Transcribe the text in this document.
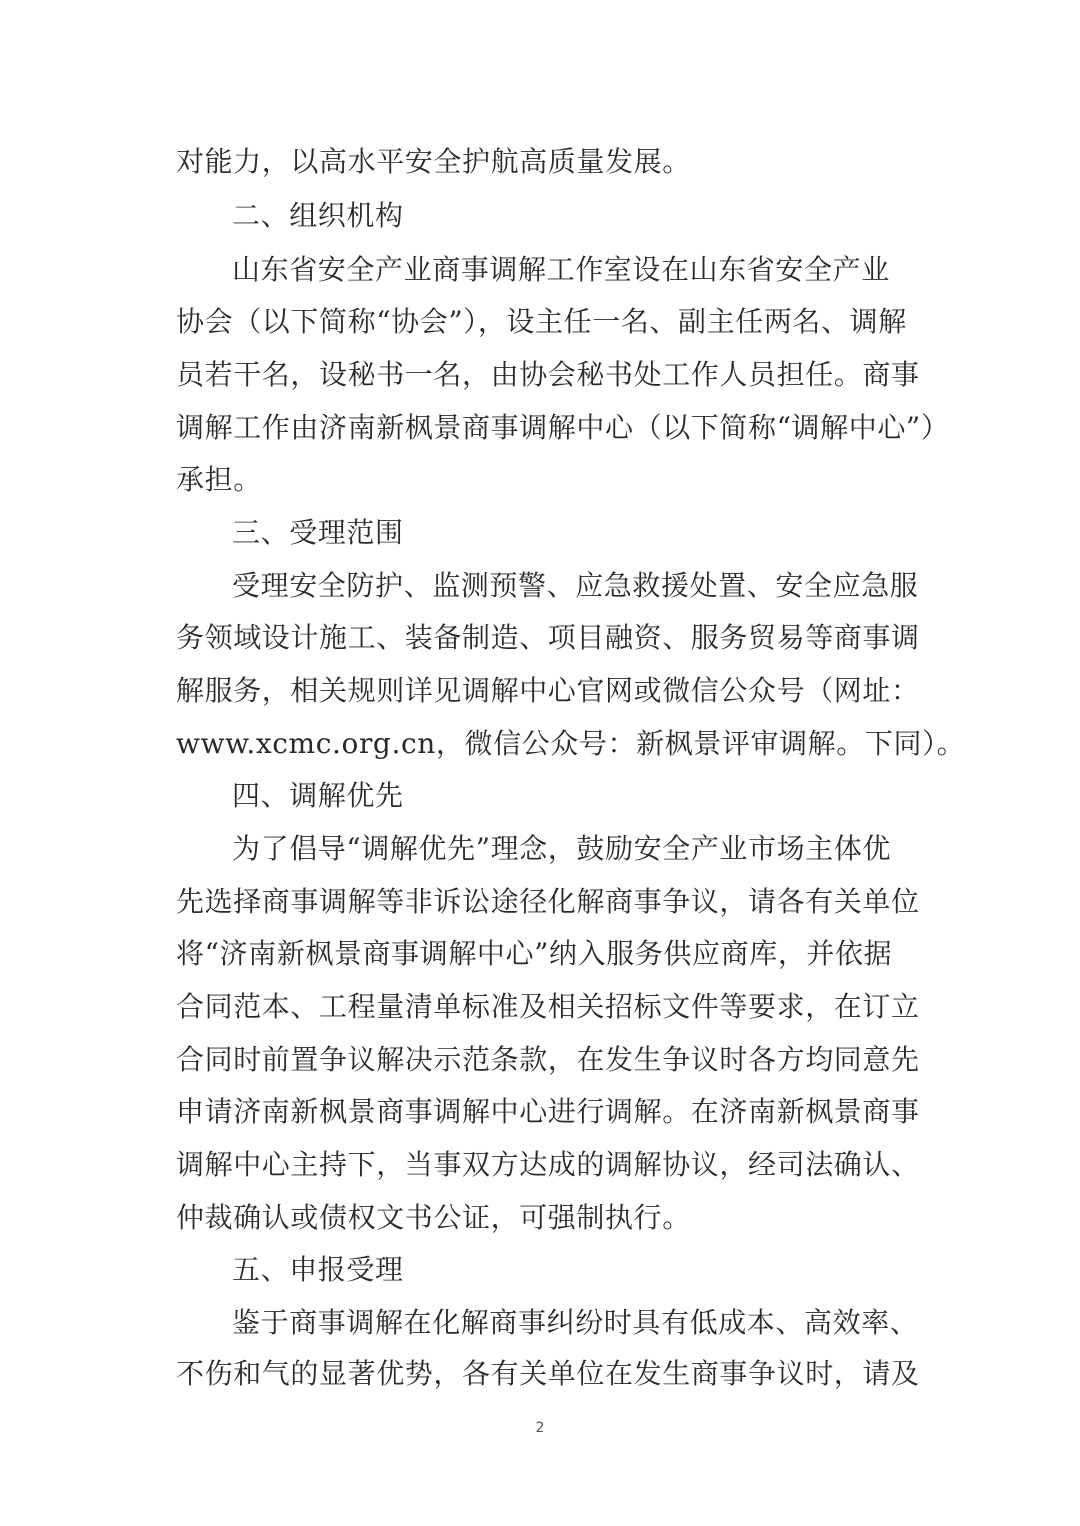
对能力，以高水平安全护航高质量发展。
二、组织机构
山东省安全产业商事调解工作室设在山东省安全产业
协会（以下简称“协会”），设主任一名、副主任两名、调解
员若干名，设秘书一名，由协会秘书处工作人员担任。商事
调解工作由济南新枫景商事调解中心（以下简称“调解中心”）
承担。
三、受理范围
受理安全防护、监测预警、应急救援处置、安全应急服
务领域设计施工、装备制造、项目融资、服务贸易等商事调
解服务，相关规则详见调解中心官网或微信公众号（网址：
www.xcmc.org.cn，微信公众号：新枫景评审调解。下同）。
四、调解优先
为了倡导“调解优先”理念，鼓励安全产业市场主体优
先选择商事调解等非诉讼途径化解商事争议，请各有关单位
将“济南新枫景商事调解中心”纳入服务供应商库，并依据
合同范本、工程量清单标准及相关招标文件等要求，在订立
合同时前置争议解决示范条款，在发生争议时各方均同意先
申请济南新枫景商事调解中心进行调解。在济南新枫景商事
调解中心主持下，当事双方达成的调解协议，经司法确认、
仲裁确认或债权文书公证，可强制执行。
五、申报受理
鉴于商事调解在化解商事纠纷时具有低成本、高效率、
不伤和气的显著优势，各有关单位在发生商事争议时，请及
2
